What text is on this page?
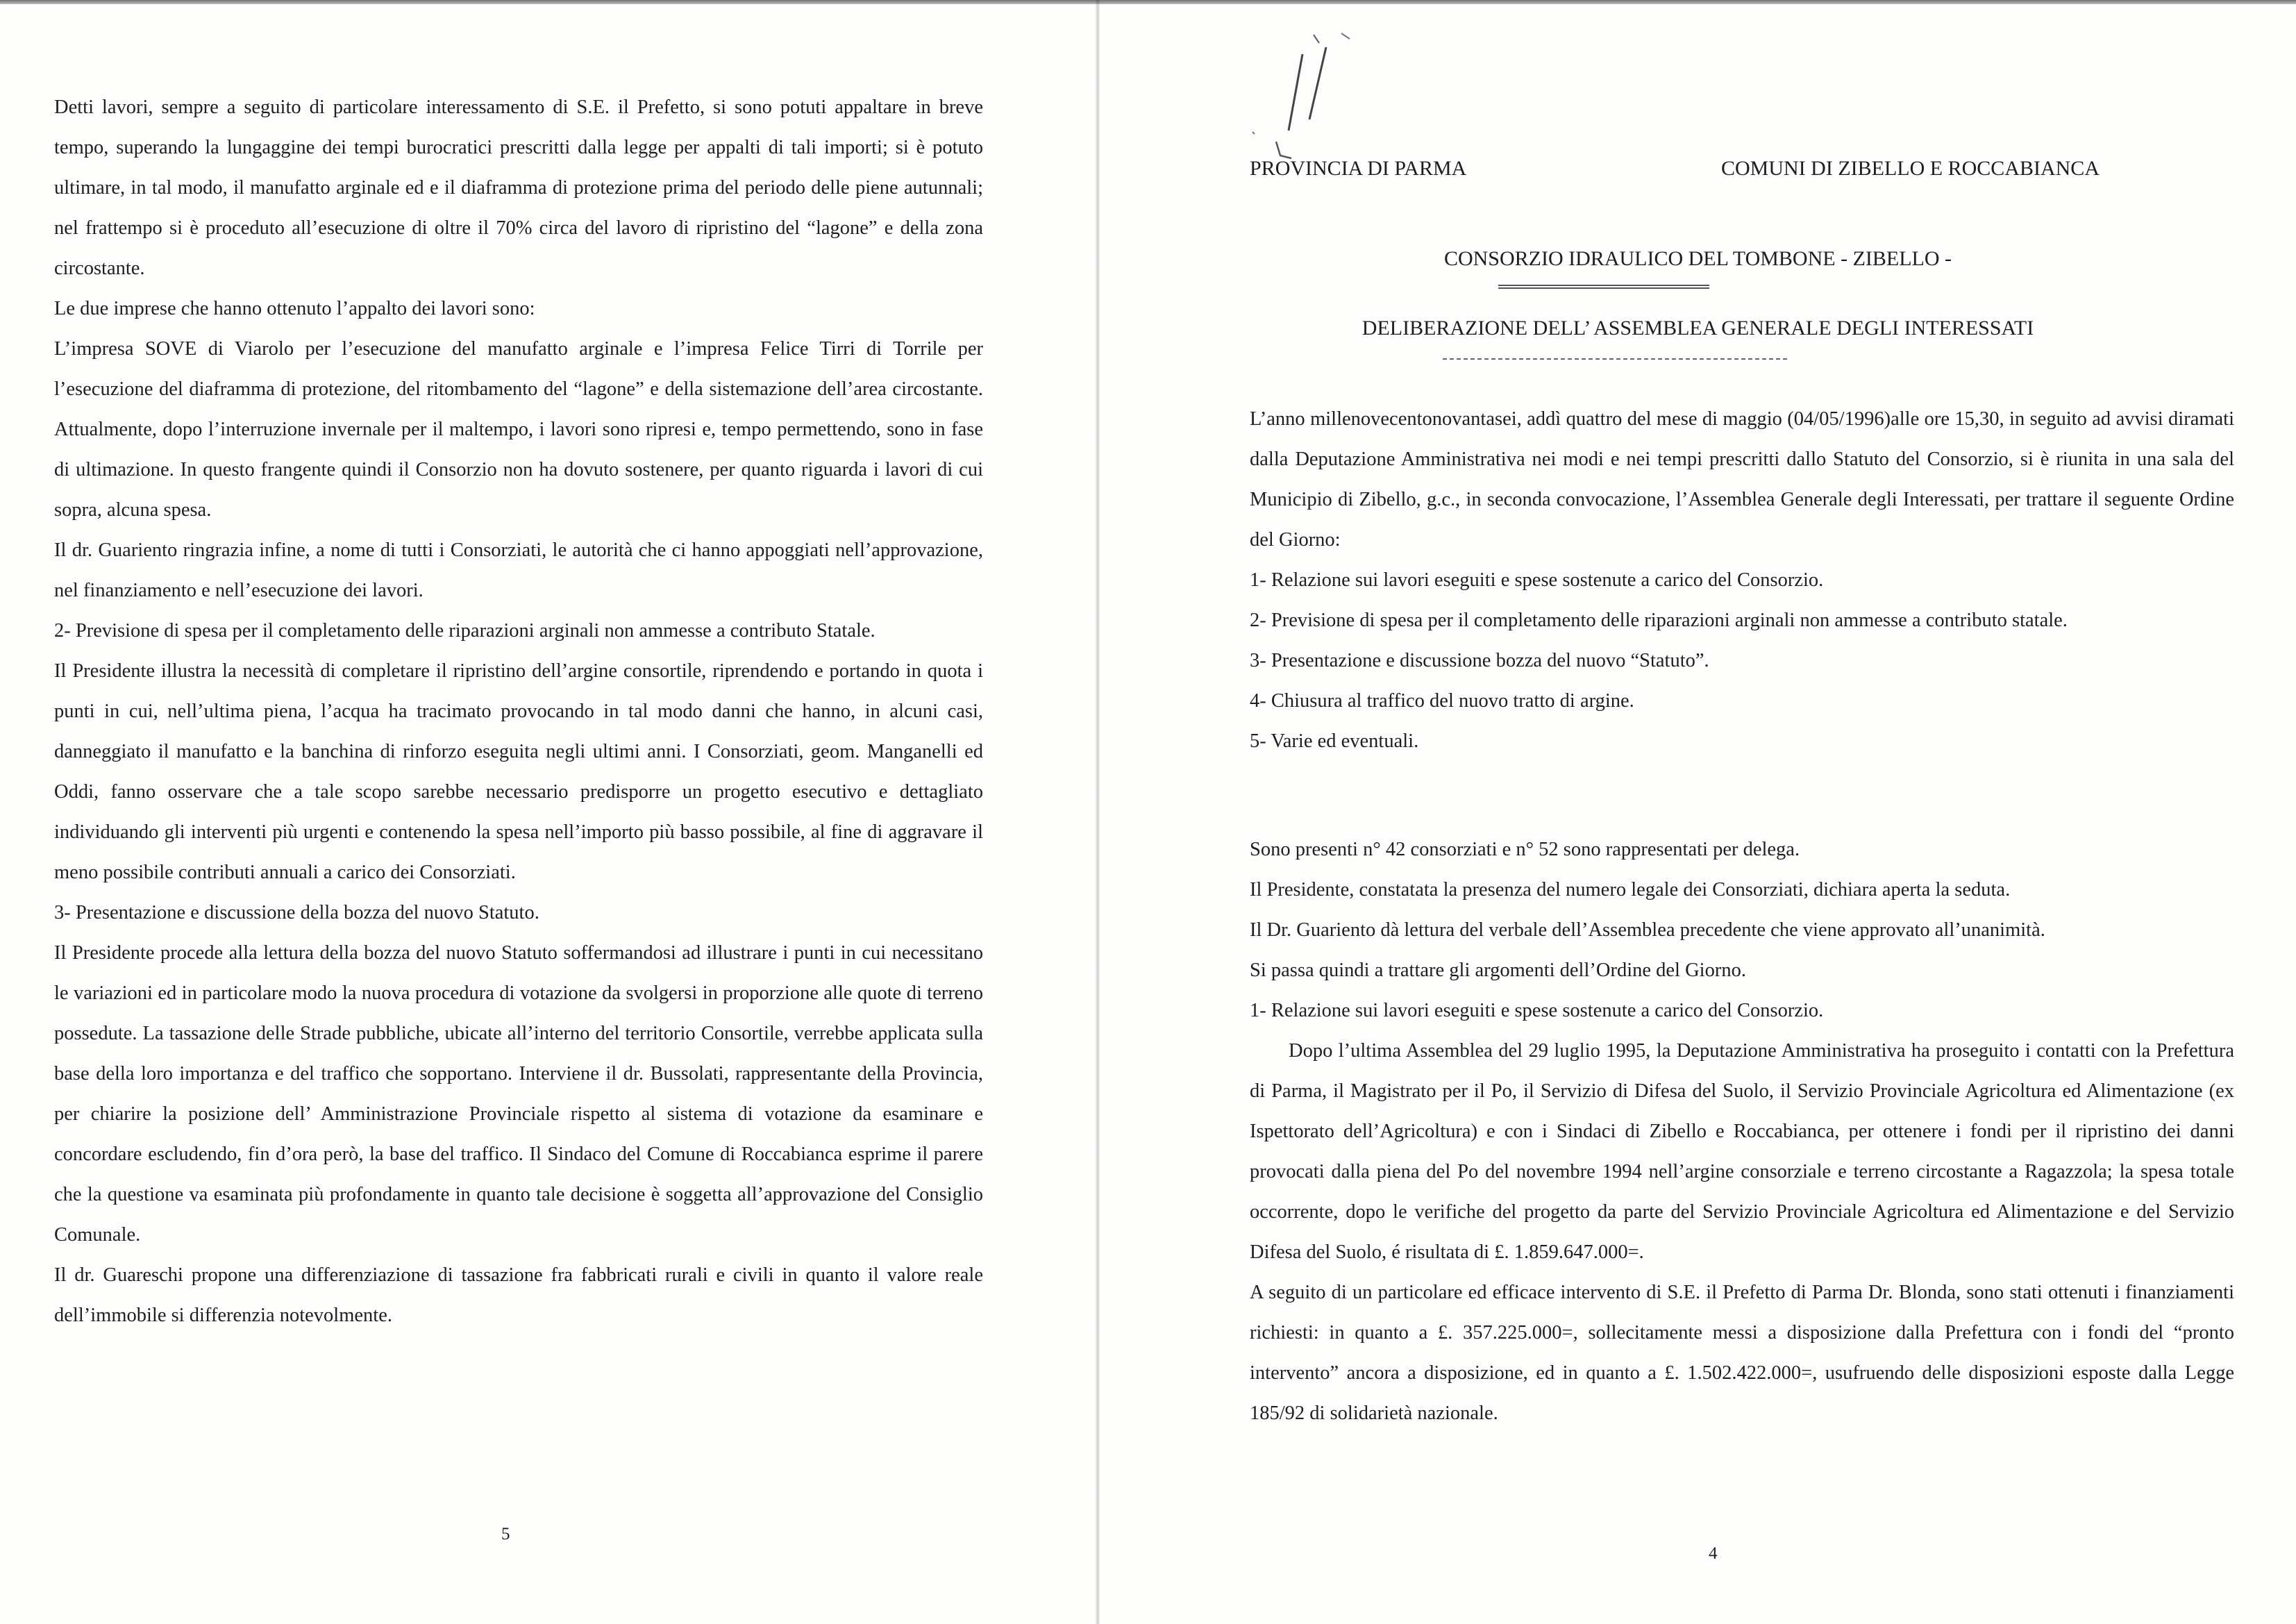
Detti lavori, sempre a seguito di particolare interessamento di S.E. il Prefetto, si sono potuti appaltare in breve tempo, superando la lungaggine dei tempi burocratici prescritti dalla legge per appalti di tali importi; si è potuto ultimare, in tal modo, il manufatto arginale ed e il diaframma di protezione prima del periodo delle piene autunnali; nel frattempo si è proceduto all’esecuzione di oltre il 70% circa del lavoro di ripristino del “lagone” e della zona circostante.

Le due imprese che hanno ottenuto l’appalto dei lavori sono:

L’impresa SOVE di Viarolo per l’esecuzione del manufatto arginale e l’impresa Felice Tirri di Torrile per l’esecuzione del diaframma di protezione, del ritombamento del “lagone” e della sistemazione dell’area circostante. Attualmente, dopo l’interruzione invernale per il maltempo, i lavori sono ripresi e, tempo permettendo, sono in fase di ultimazione. In questo frangente quindi il Consorzio non ha dovuto sostenere, per quanto riguarda i lavori di cui sopra, alcuna spesa.

Il dr. Guariento ringrazia infine, a nome di tutti i Consorziati, le autorità che ci hanno appoggiati nell’approvazione, nel finanziamento e nell’esecuzione dei lavori.

2- Previsione di spesa per il completamento delle riparazioni arginali non ammesse a contributo Statale.

Il Presidente illustra la necessità di completare il ripristino dell’argine consortile, riprendendo e portando in quota i punti in cui, nell’ultima piena, l’acqua ha tracimato provocando in tal modo danni che hanno, in alcuni casi, danneggiato il manufatto e la banchina di rinforzo eseguita negli ultimi anni. I Consorziati, geom. Manganelli ed Oddi, fanno osservare che a tale scopo sarebbe necessario predisporre un progetto esecutivo e dettagliato individuando gli interventi più urgenti e contenendo la spesa nell’importo più basso possibile, al fine di aggravare il meno possibile contributi annuali a carico dei Consorziati.

3- Presentazione e discussione della bozza del nuovo Statuto.

Il Presidente procede alla lettura della bozza del nuovo Statuto soffermandosi ad illustrare i punti in cui necessitano le variazioni ed in particolare modo la nuova procedura di votazione da svolgersi in proporzione alle quote di terreno possedute. La tassazione delle Strade pubbliche, ubicate all’interno del territorio Consortile, verrebbe applicata sulla base della loro importanza e del traffico che sopportano. Interviene il dr. Bussolati, rappresentante della Provincia, per chiarire la posizione dell’ Amministrazione Provinciale rispetto al sistema di votazione da esaminare e concordare escludendo, fin d’ora però, la base del traffico. Il Sindaco del Comune di Roccabianca esprime il parere che la questione va esaminata più profondamente in quanto tale decisione è soggetta all’approvazione del Consiglio Comunale.

Il dr. Guareschi propone una differenziazione di tassazione fra fabbricati rurali e civili in quanto il valore reale dell’immobile si differenzia notevolmente.

5
PROVINCIA DI PARMA	COMUNI DI ZIBELLO E ROCCABIANCA
CONSORZIO IDRAULICO DEL TOMBONE - ZIBELLO -
DELIBERAZIONE DELL’ ASSEMBLEA GENERALE DEGLI INTERESSATI

L’anno millenovecentonovantasei, addì quattro del mese di maggio (04/05/1996)alle ore 15,30, in seguito ad avvisi diramati dalla Deputazione Amministrativa nei modi e nei tempi prescritti dallo Statuto del Consorzio, si è riunita in una sala del Municipio di Zibello, g.c., in seconda convocazione, l’Assemblea Generale degli Interessati, per trattare il seguente Ordine del Giorno:

1- Relazione sui lavori eseguiti e spese sostenute a carico del Consorzio.

2- Previsione di spesa per il completamento delle riparazioni arginali non ammesse a contributo statale.

3- Presentazione e discussione bozza del nuovo “Statuto”.

4- Chiusura al traffico del nuovo tratto di argine.

5- Varie ed eventuali.

Sono presenti n° 42 consorziati e n° 52 sono rappresentati per delega.

Il Presidente, constatata la presenza del numero legale dei Consorziati, dichiara aperta la seduta.

Il Dr. Guariento dà lettura del verbale dell’Assemblea precedente che viene approvato all’unanimità.

Si passa quindi a trattare gli argomenti dell’Ordine del Giorno.

1- Relazione sui lavori eseguiti e spese sostenute a carico del Consorzio.

Dopo l’ultima Assemblea del 29 luglio 1995, la Deputazione Amministrativa ha proseguito i contatti con la Prefettura di Parma, il Magistrato per il Po, il Servizio di Difesa del Suolo, il Servizio Provinciale Agricoltura ed Alimentazione (ex Ispettorato dell’Agricoltura) e con i Sindaci di Zibello e Roccabianca, per ottenere i fondi per il ripristino dei danni provocati dalla piena del Po del novembre 1994 nell’argine consorziale e terreno circostante a Ragazzola; la spesa totale occorrente, dopo le verifiche del progetto da parte del Servizio Provinciale Agricoltura ed Alimentazione e del Servizio Difesa del Suolo, é risultata di £. 1.859.647.000=.

A seguito di un particolare ed efficace intervento di S.E. il Prefetto di Parma Dr. Blonda, sono stati ottenuti i finanziamenti richiesti: in quanto a £. 357.225.000=, sollecitamente messi a disposizione dalla Prefettura con i fondi del “pronto intervento” ancora a disposizione, ed in quanto a £. 1.502.422.000=, usufruendo delle disposizioni esposte dalla Legge 185/92 di solidarietà nazionale.

4
